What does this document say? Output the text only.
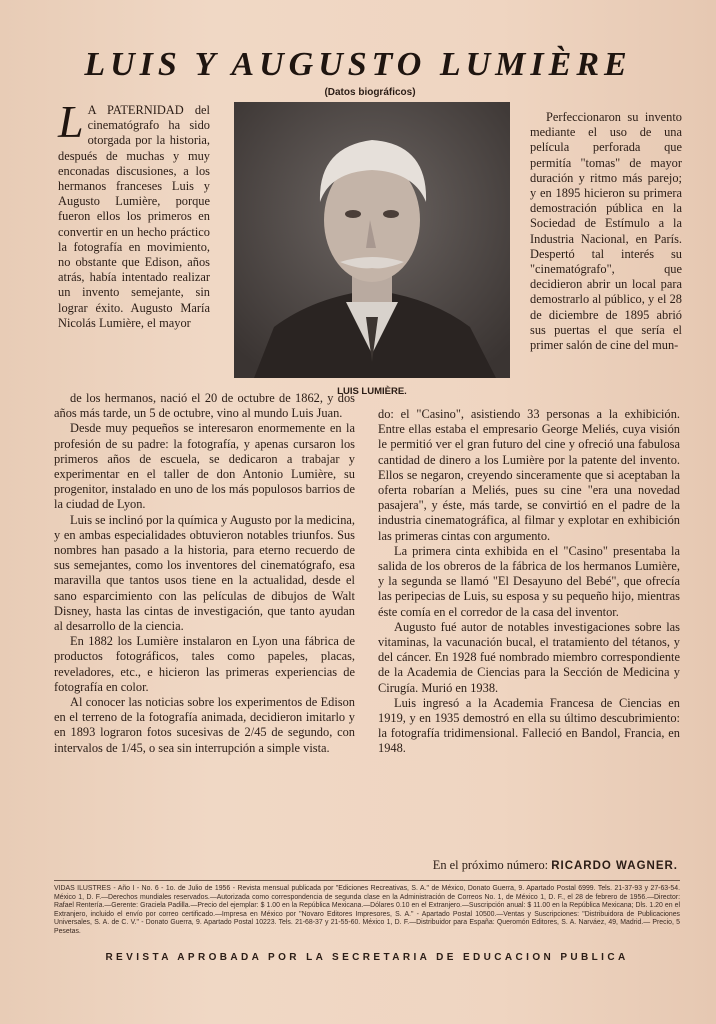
LUIS Y AUGUSTO LUMIÈRE
(Datos biográficos)

L A PATERNIDAD del cinematógrafo ha sido otorgada por la historia, después de muchas y muy enconadas discusiones, a los hermanos franceses Luis y Augusto Lumière, porque fueron ellos los primeros en convertir en un hecho práctico la fotografía en movimiento, no obstante que Edison, años atrás, había intentado realizar un invento semejante, sin lograr éxito. Augusto María Nicolás Lumière, el mayor

LUIS LUMIÈRE.

Perfeccionaron su invento mediante el uso de una película perforada que permitía "tomas" de mayor duración y ritmo más parejo; y en 1895 hicieron su primera demostración pública en la Sociedad de Estímulo a la Industria Nacional, en París. Despertó tal interés su "cinematógrafo", que decidieron abrir un local para demostrarlo al público, y el 28 de diciembre de 1895 abrió sus puertas el que sería el primer salón de cine del mun-

de los hermanos, nació el 20 de octubre de 1862, y dos años más tarde, un 5 de octubre, vino al mundo Luis Juan.

Desde muy pequeños se interesaron enormemente en la profesión de su padre: la fotografía, y apenas cursaron los primeros años de escuela, se dedicaron a trabajar y experimentar en el taller de don Antonio Lumière, su progenitor, instalado en uno de los más populosos barrios de la ciudad de Lyon.

Luis se inclinó por la química y Augusto por la medicina, y en ambas especialidades obtuvieron notables triunfos. Sus nombres han pasado a la historia, para eterno recuerdo de sus semejantes, como los inventores del cinematógrafo, esa maravilla que tantos usos tiene en la actualidad, desde el sano esparcimiento con las películas de dibujos de Walt Disney, hasta las cintas de investigación, que tanto ayudan al desarrollo de la ciencia.

En 1882 los Lumière instalaron en Lyon una fábrica de productos fotográficos, tales como papeles, placas, reveladores, etc., e hicieron las primeras experiencias de fotografía en color.

Al conocer las noticias sobre los experimentos de Edison en el terreno de la fotografía animada, decidieron imitarlo y en 1893 lograron fotos sucesivas de 2/45 de segundo, con intervalos de 1/45, o sea sin interrupción a simple vista.

do: el "Casino", asistiendo 33 personas a la exhibición. Entre ellas estaba el empresario George Meliés, cuya visión le permitió ver el gran futuro del cine y ofreció una fabulosa cantidad de dinero a los Lumière por la patente del invento. Ellos se negaron, creyendo sinceramente que si aceptaban la oferta robarían a Meliés, pues su cine "era una novedad pasajera", y éste, más tarde, se convirtió en el padre de la industria cinematográfica, al filmar y explotar en exhibición las primeras cintas con argumento.

La primera cinta exhibida en el "Casino" presentaba la salida de los obreros de la fábrica de los hermanos Lumière, y la segunda se llamó "El Desayuno del Bebé", que ofrecía las peripecias de Luis, su esposa y su pequeño hijo, mientras éste comía en el corredor de la casa del inventor.

Augusto fué autor de notables investigaciones sobre las vitaminas, la vacunación bucal, el tratamiento del tétanos, y del cáncer. En 1928 fué nombrado miembro correspondiente de la Academia de Ciencias para la Sección de Medicina y Cirugía. Murió en 1938.

Luis ingresó a la Academia Francesa de Ciencias en 1919, y en 1935 demostró en ella su último descubrimiento: la fotografía tridimensional. Falleció en Bandol, Francia, en 1948.

En el próximo número: RICARDO WAGNER.
VIDAS ILUSTRES - Año I - No. 6 - 1o. de Julio de 1956 - Revista mensual publicada por "Ediciones Recreativas, S. A." de México, Donato Guerra, 9. Apartado Postal 6999. Tels. 21-37-93 y 27-63-54. México 1, D. F.—Derechos mundiales reservados.—Autorizada como correspondencia de segunda clase en la Administración de Correos No. 1, de México 1, D. F., el 28 de febrero de 1956.—Director: Rafael Rentería.—Gerente: Graciela Padilla.—Precio del ejemplar: $ 1.00 en la República Mexicana.—Dólares 0.10 en el Extranjero.—Suscripción anual: $ 11.00 en la República Mexicana; Dls. 1.20 en el Extranjero, incluido el envío por correo certificado.—Impresa en México por "Novaro Editores Impresores, S. A." - Apartado Postal 10500.—Ventas y Suscripciones: "Distribuidora de Publicaciones Universales, S. A. de C. V." - Donato Guerra, 9. Apartado Postal 10223. Tels. 21-68-37 y 21-55-60. México 1, D. F.—Distribuidor para España: Queromón Editores, S. A. Narváez, 49, Madrid.— Precio, 5 Pesetas.
REVISTA APROBADA POR LA SECRETARIA DE EDUCACION PUBLICA
